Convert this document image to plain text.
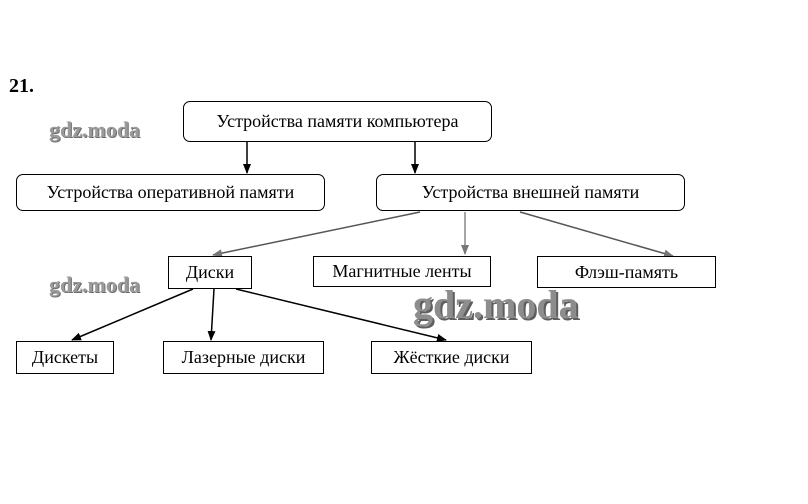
21.
Устройства памяти компьютера
Устройства оперативной памяти	Устройства внешней памяти
Диски	Магнитные ленты	Флэш-память
Дискеты	Лазерные диски	Жёсткие диски
gdz.moda
gdz.moda	gdz.moda
